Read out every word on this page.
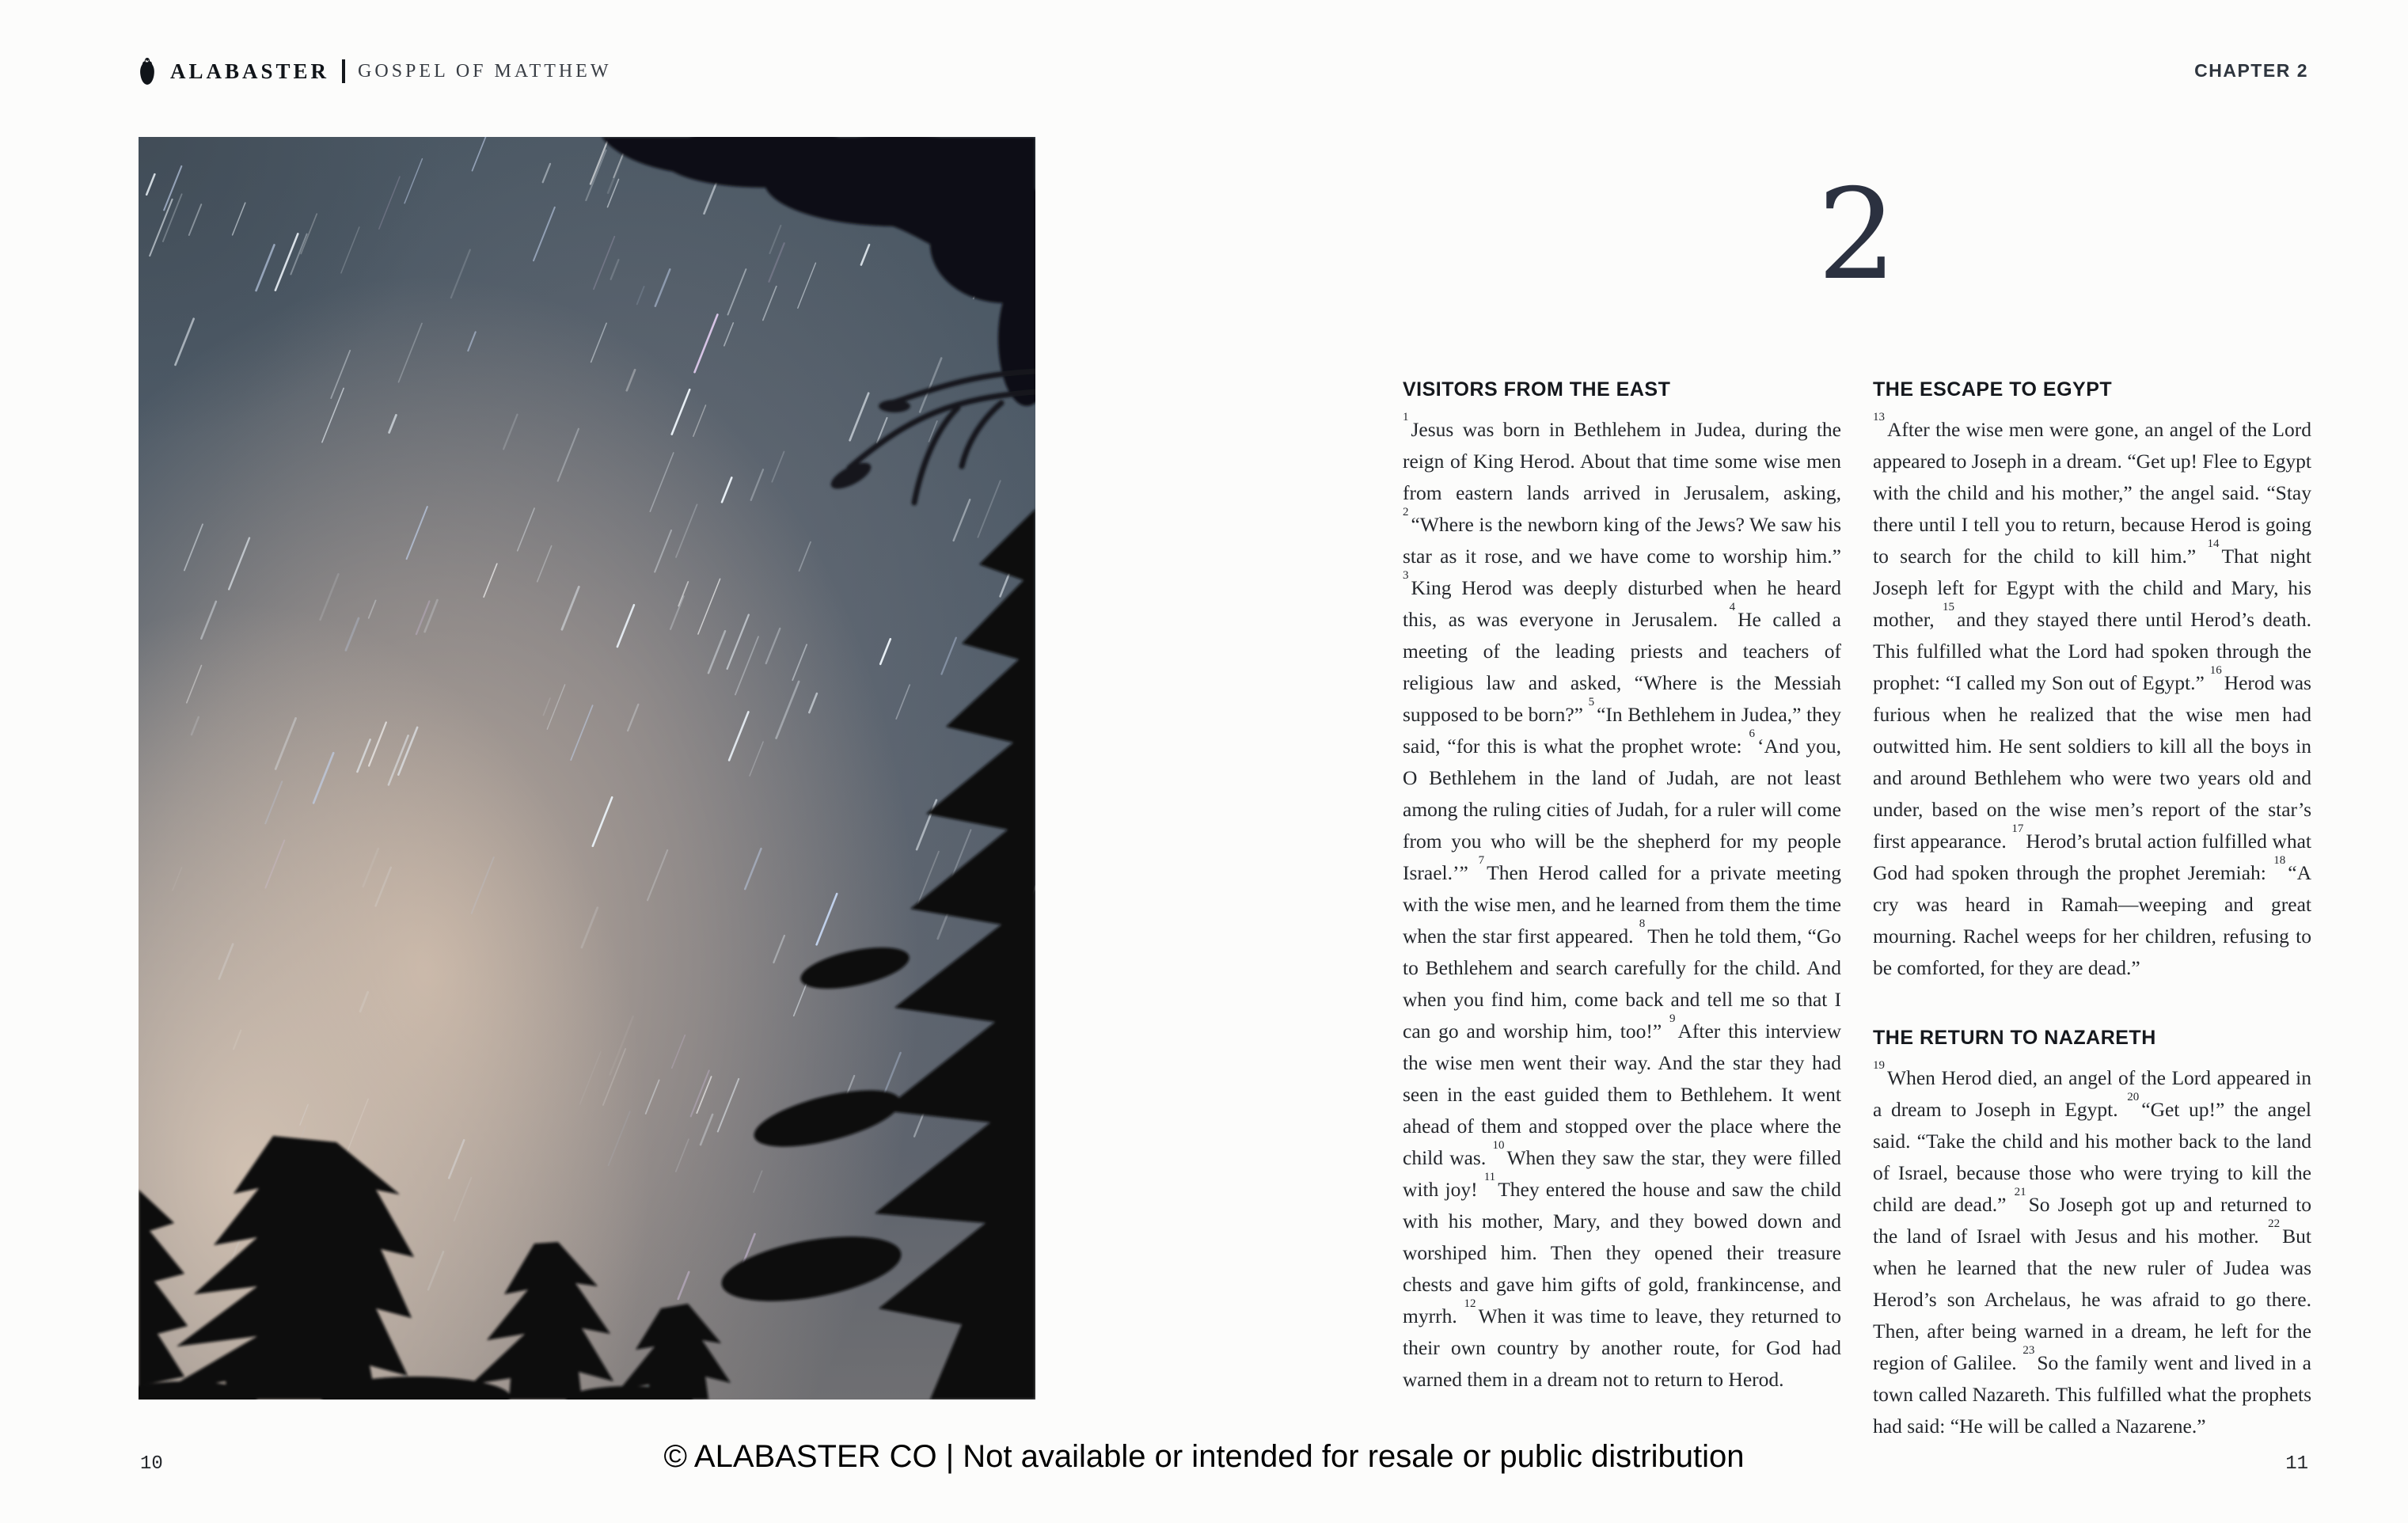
ALABASTER GOSPEL OF MATTHEW	CHAPTER 2
2
VISITORS FROM THE EAST

$^1$Jesus was born in Bethlehem in Judea, during the reign of King Herod. About that time some wise men from eastern lands arrived in Jerusalem, asking, $^2$“Where is the newborn king of the Jews? We saw his star as it rose, and we have come to worship him.” $^3$King Herod was deeply disturbed when he heard this, as was everyone in Jerusalem. $^4$He called a meeting of the leading priests and teachers of religious law and asked, “Where is the Messiah supposed to be born?” $^5$“In Bethlehem in Judea,” they said, “for this is what the prophet wrote: $^6$‘And you, O Bethlehem in the land of Judah, are not least among the ruling cities of Judah, for a ruler will come from you who will be the shepherd for my people Israel.’” $^7$Then Herod called for a private meeting with the wise men, and he learned from them the time when the star first appeared. $^8$Then he told them, “Go to Bethlehem and search carefully for the child. And when you find him, come back and tell me so that I can go and worship him, too!” $^9$After this interview the wise men went their way. And the star they had seen in the east guided them to Bethlehem. It went ahead of them and stopped over the place where the child was. $^{10}$When they saw the star, they were filled with joy! $^{11}$They entered the house and saw the child with his mother, Mary, and they bowed down and worshiped him. Then they opened their treasure chests and gave him gifts of gold, frankincense, and myrrh. $^{12}$When it was time to leave, they returned to their own country by another route, for God had warned them in a dream not to return to Herod.

THE ESCAPE TO EGYPT

$^{13}$After the wise men were gone, an angel of the Lord appeared to Joseph in a dream. “Get up! Flee to Egypt with the child and his mother,” the angel said. “Stay there until I tell you to return, because Herod is going to search for the child to kill him.” $^{14}$That night Joseph left for Egypt with the child and Mary, his mother, $^{15}$and they stayed there until Herod’s death. This fulfilled what the Lord had spoken through the prophet: “I called my Son out of Egypt.” $^{16}$Herod was furious when he realized that the wise men had outwitted him. He sent soldiers to kill all the boys in and around Bethlehem who were two years old and under, based on the wise men’s report of the star’s first appearance. $^{17}$Herod’s brutal action fulfilled what God had spoken through the prophet Jeremiah: $^{18}$“A cry was heard in Ramah—weeping and great mourning. Rachel weeps for her children, refusing to be comforted, for they are dead.”

THE RETURN TO NAZARETH

$^{19}$When Herod died, an angel of the Lord appeared in a dream to Joseph in Egypt. $^{20}$“Get up!” the angel said. “Take the child and his mother back to the land of Israel, because those who were trying to kill the child are dead.” $^{21}$So Joseph got up and returned to the land of Israel with Jesus and his mother. $^{22}$But when he learned that the new ruler of Judea was Herod’s son Archelaus, he was afraid to go there. Then, after being warned in a dream, he left for the region of Galilee. $^{23}$So the family went and lived in a town called Nazareth. This fulfilled what the prophets had said: “He will be called a Nazarene.”

© ALABASTER CO | Not available or intended for resale or public distribution
10	11
